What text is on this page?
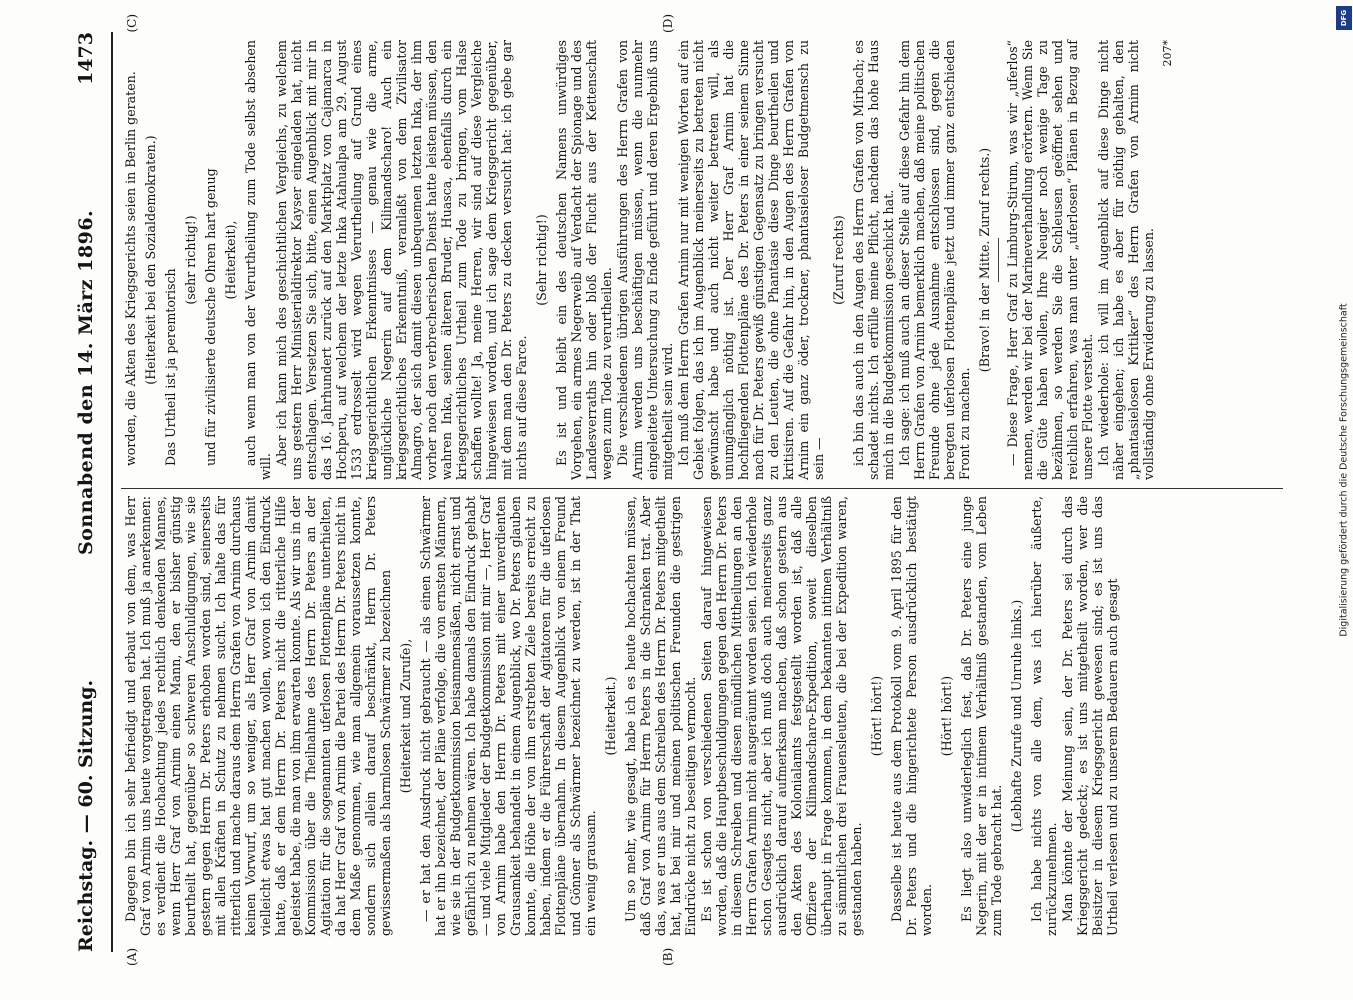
Reichstag. — 60. Sitzung.
Sonnabend den 14. März 1896.
1473
(A)	(B)
(C)	(D)

Dagegen bin ich sehr befriedigt und erbaut von dem, was Herr Graf von Arnim uns heute vorgetragen hat. Ich muß ja anerkennen: es verdient die Hochachtung jedes rechtlich denkenden Mannes, wenn Herr Graf von Arnim einen Mann, den er bisher günstig beurtheilt hat, gegenüber so schweren Anschuldigungen, wie sie gestern gegen Herrn Dr. Peters erhoben worden sind, seinerseits mit allen Kräften in Schutz zu nehmen sucht. Ich halte das für ritterlich und mache daraus dem Herrn Grafen von Arnim durchaus keinen Vorwurf, um so weniger, als Herr Graf von Arnim damit vielleicht etwas hat gut machen wollen, wovon ich den Eindruck hatte, daß er dem Herrn Dr. Peters nicht die ritterliche Hilfe geleistet habe, die man von ihm erwarten konnte. Als wir uns in der Kommission über die Theilnahme des Herrn Dr. Peters an der Agitation für die sogenannten uferlosen Flottenpläne unterhielten, da hat Herr Graf von Arnim die Partei des Herrn Dr. Peters nicht in dem Maße genommen, wie man allgemein voraussetzen konnte, sondern sich allein darauf beschränkt, Herrn Dr. Peters gewissermaßen als harmlosen Schwärmer zu bezeichnen (Heiterkeit und Zurufe), — er hat den Ausdruck nicht gebraucht — als einen Schwärmer hat er ihn bezeichnet, der Pläne verfolge, die von ernsten Männern, wie sie in der Budgetkommission beisammensäßen, nicht ernst und gefährlich zu nehmen wären. Ich habe damals den Eindruck gehabt — und viele Mitglieder der Budgetkommission mit mir —, Herr Graf von Arnim habe den Herrn Dr. Peters mit einer unverdienten Grausamkeit behandelt in einem Augenblick, wo Dr. Peters glauben konnte, die Höhe der von ihm erstrebten Ziele bereits erreicht zu haben, indem er die Führerschaft der Agitatoren für die uferlosen Flottenpläne übernahm. In diesem Augenblick von einem Freund und Gönner als Schwärmer bezeichnet zu werden, ist in der That ein wenig grausam.

(Heiterkeit.) Um so mehr, wie gesagt, habe ich es heute hochachten müssen, daß Graf von Arnim für Herrn Peters in die Schranken trat. Aber das, was er uns aus dem Schreiben des Herrn Dr. Peters mitgetheilt hat, hat bei mir und meinen politischen Freunden die gestrigen Eindrücke nicht zu beseitigen vermocht. Es ist schon von verschiedenen Seiten darauf hingewiesen worden, daß die Hauptbeschuldigungen gegen den Herrn Dr. Peters in diesem Schreiben und diesen mündlichen Mittheilungen an den Herrn Grafen Arnim nicht ausgeräumt worden seien. Ich wiederhole schon Gesagtes nicht, aber ich muß doch auch meinerseits ganz ausdrücklich darauf aufmerksam machen, daß schon gestern aus den Akten des Kolonialamts festgestellt worden ist, daß alle Offiziere der Kilimandscharo-Expedition, soweit dieselben überhaupt in Frage kommen, in dem bekannten intimen Verhältniß zu sämmtlichen drei Frauensleuten, die bei der Expedition waren, gestanden haben.

(Hört! hört!) Dasselbe ist heute aus dem Protokoll vom 9. April 1895 für den Dr. Peters und die hingerichtete Person ausdrücklich bestätigt worden.

(Hört! hört!) Es liegt also unwiderleglich fest, daß Dr. Peters eine junge Negerin, mit der er in intimem Verhältniß gestanden, vom Leben zum Tode gebracht hat.

(Lebhafte Zurufe und Unruhe links.) Ich habe nichts von alle dem, was ich hierüber äußerte, zurückzunehmen. Man könnte der Meinung sein, der Dr. Peters sei durch das Kriegsgericht gedeckt; es ist uns mitgetheilt worden, wer die Beisitzer in diesem Kriegsgericht gewesen sind; es ist uns das Urtheil verlesen und zu unserem Bedauern auch gesagt

worden, die Akten des Kriegsgerichts seien in Berlin geraten. (Heiterkeit bei den Sozialdemokraten.) Das Urtheil ist ja peremtorisch

(sehr richtig!) und für zivilisierte deutsche Ohren hart genug (Heiterkeit), auch wenn man von der Verurtheilung zum Tode selbst absehen will.

Aber ich kann mich des geschichtlichen Vergleichs, zu welchem uns gestern Herr Ministerialdirektor Kayser eingeladen hat, nicht entschlagen. Versetzen Sie sich, bitte, einen Augenblick mit mir in das 16. Jahrhundert zurück auf den Marktplatz von Cajamarca in Hochperu, auf welchem der letzte Inka Atahualpa am 29. August 1533 erdrosselt wird wegen Verurtheilung auf Grund eines kriegsgerichtlichen Erkenntnisses — genau wie die arme, unglückliche Negerin auf dem Kilimandscharo! Auch ein kriegsgerichtliches Erkenntniß, veranlaßt von dem Zivilisator Almagro, der sich damit diesen unbequemen letzten Inka, der ihm vorher noch den verbrecherischen Dienst hatte leisten müssen, den wahren Inka, seinen älteren Bruder, Huasca, ebenfalls durch ein kriegsgerichtliches Urtheil zum Tode zu bringen, vom Halse schaffen wollte! Ja, meine Herren, wir sind auf diese Vergleiche hingewiesen worden, und ich sage dem Kriegsgericht gegenüber, mit dem man den Dr. Peters zu decken versucht hat: ich gebe gar nichts auf diese Farce.

(Sehr richtig!) Es ist und bleibt ein des deutschen Namens unwürdiges Vorgehen, ein armes Negerweib auf Verdacht der Spionage und des Landesverraths hin oder bloß der Flucht aus der Kettenschaft wegen zum Tode zu verurtheilen. Die verschiedenen übrigen Ausführungen des Herrn Grafen von Arnim werden uns beschäftigen müssen, wenn die nunmehr eingeleitete Untersuchung zu Ende geführt und deren Ergebniß uns mitgetheilt sein wird. Ich muß dem Herrn Grafen Arnim nur mit wenigen Worten auf ein Gebiet folgen, das ich im Augenblick meinerseits zu betreten nicht gewünscht habe und auch nicht weiter betreten will, als unumgänglich nöthig ist. Der Herr Graf Arnim hat die hochfliegenden Flottenpläne des Dr. Peters in einer seinem Sinne nach für Dr. Peters gewiß günstigen Gegensatz zu bringen versucht zu den Leuten, die ohne Phantasie diese Dinge beurtheilen und kritisiren. Auf die Gefahr hin, in den Augen des Herrn Grafen von Arnim ein ganz öder, trockner, phantasieloser Budgetmensch zu sein —

(Zuruf rechts) ich bin das auch in den Augen des Herrn Grafen von Mirbach; es schadet nichts. Ich erfülle meine Pflicht, nachdem das hohe Haus mich in die Budgetkommission geschickt hat. Ich sage: ich muß auch an dieser Stelle auf diese Gefahr hin dem Herrn Grafen von Arnim bemerklich machen, daß meine politischen Freunde ohne jede Ausnahme entschlossen sind, gegen die beregten uferlosen Flottenpläne jetzt und immer ganz entschieden Front zu machen.

(Bravo! in der Mitte. Zuruf rechts.) — Diese Frage, Herr Graf zu Limburg-Stirum, was wir „uferlos“ nennen, werden wir bei der Marineverhandlung erörtern. Wenn Sie die Güte haben wollen, Ihre Neugier noch wenige Tage zu bezähmen, so werden Sie die Schleusen geöffnet sehen und reichlich erfahren, was man unter „uferlosen“ Plänen in Bezug auf unsere Flotte versteht. Ich wiederhole: ich will im Augenblick auf diese Dinge nicht näher eingehen; ich habe es aber für nöthig gehalten, den „phantasielosen Kritiker“ des Herrn Grafen von Arnim nicht vollständig ohne Erwiderung zu lassen.

207*
DFG
Digitalisierung gefördert durch die Deutsche Forschungsgemeinschaft
